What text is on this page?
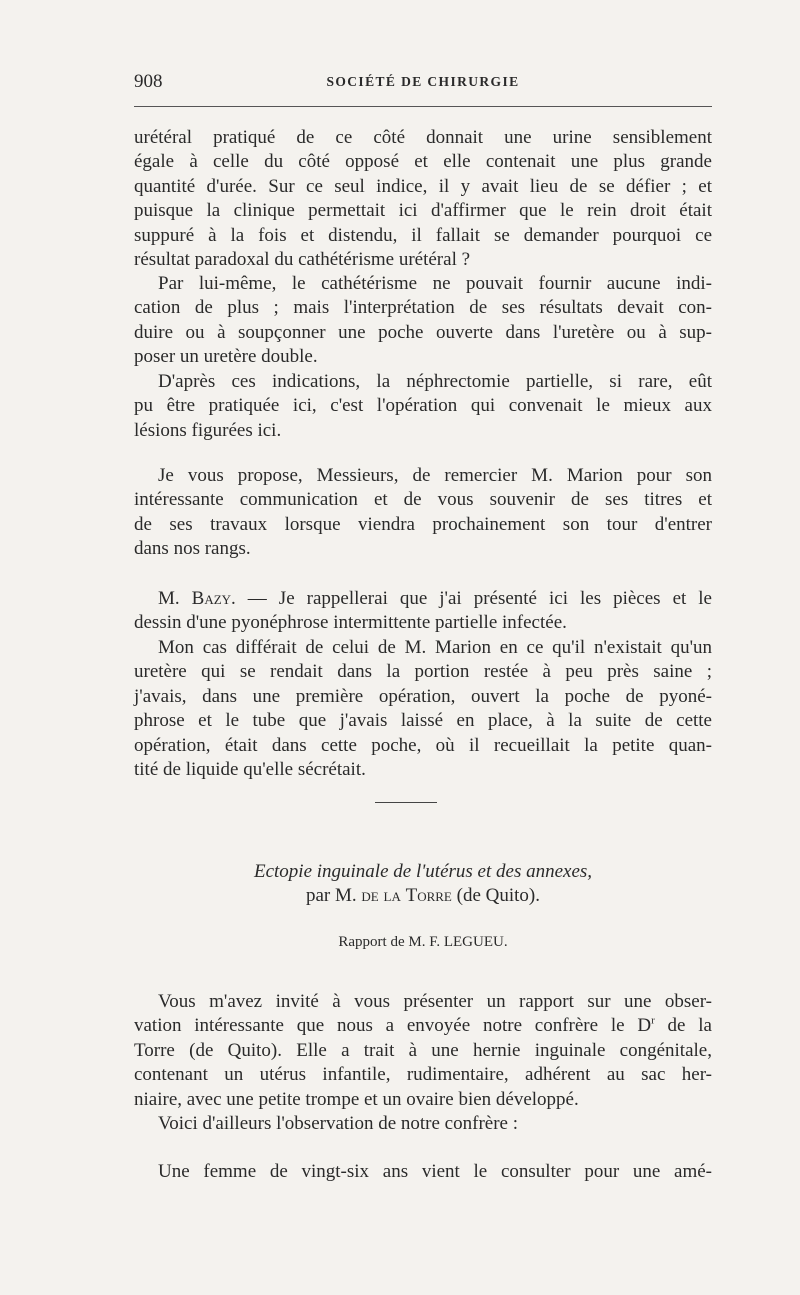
908	SOCIÉTÉ DE CHIRURGIE
urétéral pratiqué de ce côté donnait une urine sensiblement
égale à celle du côté opposé et elle contenait une plus grande
quantité d'urée. Sur ce seul indice, il y avait lieu de se défier ; et
puisque la clinique permettait ici d'affirmer que le rein droit était
suppuré à la fois et distendu, il fallait se demander pourquoi ce
résultat paradoxal du cathétérisme urétéral ?
Par lui-même, le cathétérisme ne pouvait fournir aucune indi-
cation de plus ; mais l'interprétation de ses résultats devait con-
duire ou à soupçonner une poche ouverte dans l'uretère ou à sup-
poser un uretère double.
D'après ces indications, la néphrectomie partielle, si rare, eût
pu être pratiquée ici, c'est l'opération qui convenait le mieux aux
lésions figurées ici.
Je vous propose, Messieurs, de remercier M. Marion pour son
intéressante communication et de vous souvenir de ses titres et
de ses travaux lorsque viendra prochainement son tour d'entrer
dans nos rangs.
M. Bazy. — Je rappellerai que j'ai présenté ici les pièces et le
dessin d'une pyonéphrose intermittente partielle infectée.
Mon cas différait de celui de M. Marion en ce qu'il n'existait qu'un
uretère qui se rendait dans la portion restée à peu près saine ;
j'avais, dans une première opération, ouvert la poche de pyoné-
phrose et le tube que j'avais laissé en place, à la suite de cette
opération, était dans cette poche, où il recueillait la petite quan-
tité de liquide qu'elle sécrétait.
Ectopie inguinale de l'utérus et des annexes,
par M. de la Torre (de Quito).
Rapport de M. F. LEGUEU.
Vous m'avez invité à vous présenter un rapport sur une obser-
vation intéressante que nous a envoyée notre confrère le $D^r$ de la
Torre (de Quito). Elle a trait à une hernie inguinale congénitale,
contenant un utérus infantile, rudimentaire, adhérent au sac her-
niaire, avec une petite trompe et un ovaire bien développé.
Voici d'ailleurs l'observation de notre confrère :
Une femme de vingt-six ans vient le consulter pour une amé-
